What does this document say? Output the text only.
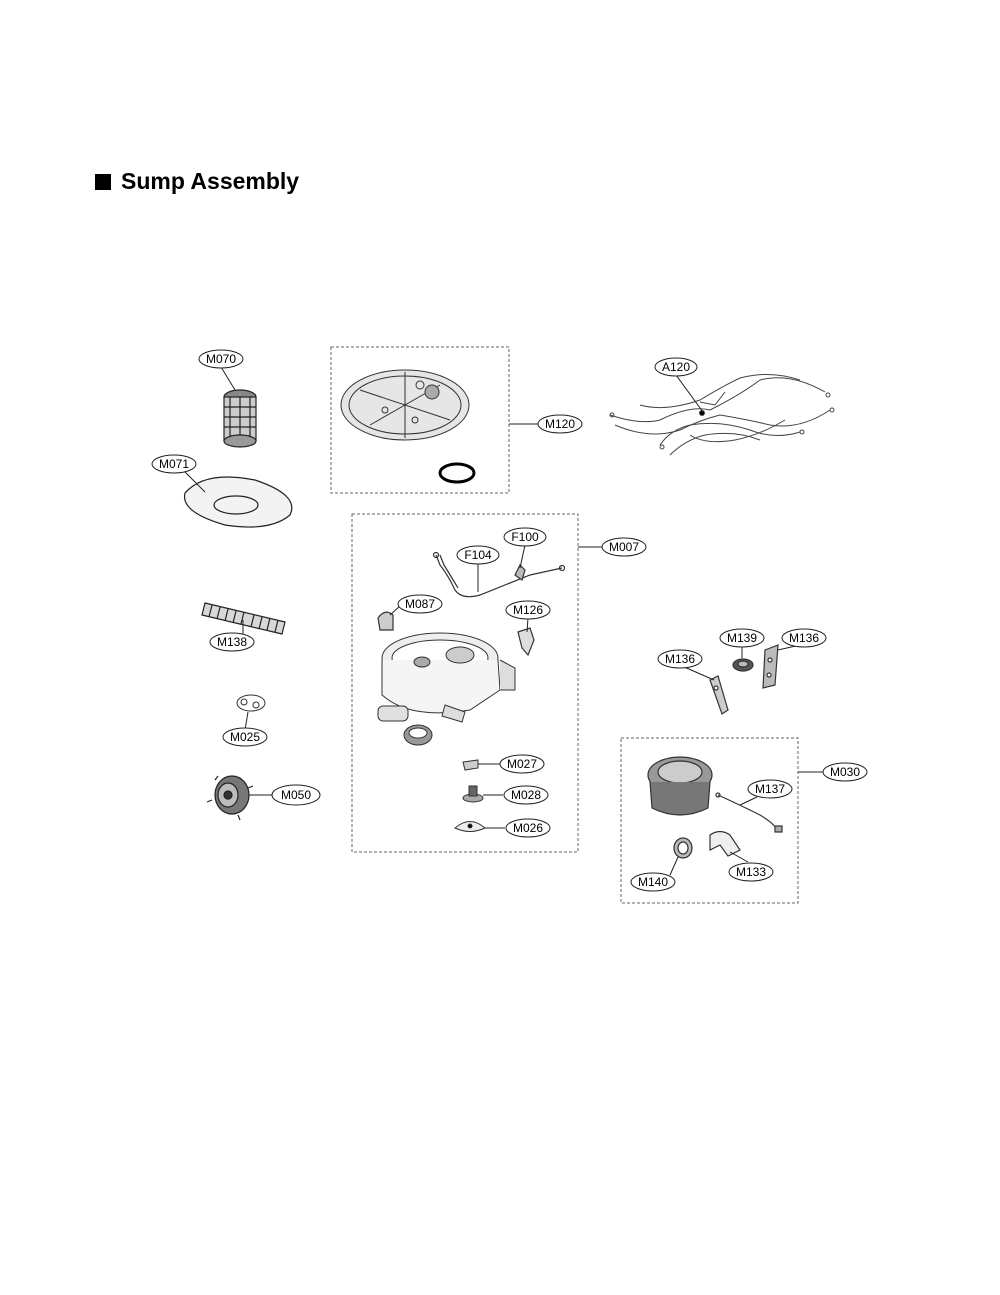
Sump Assembly
M070
M071
M120
A120
M007
F100
F104
M087	M126
M138
M025
M050
M139
M136
M136
M030
M137
M140
M133
M027
M028
M026
